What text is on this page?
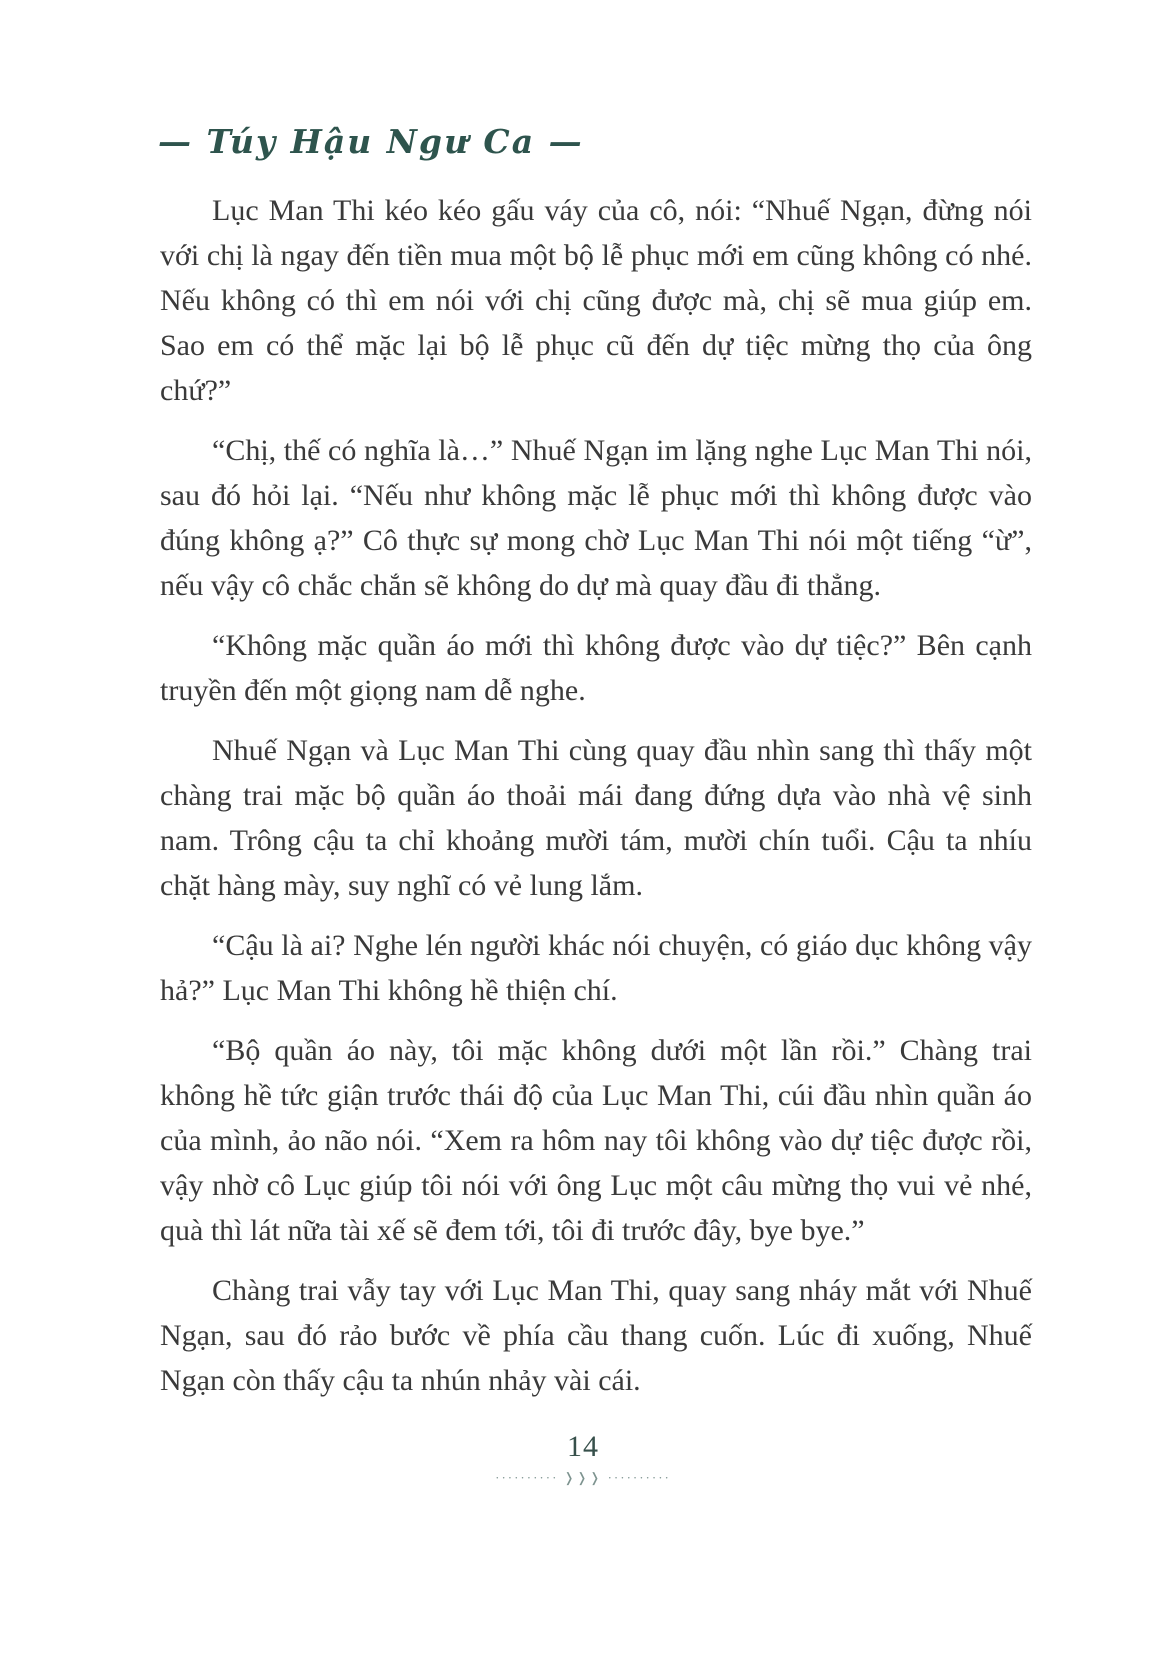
— Túy Hậu Ngư Ca —

Lục Man Thi kéo kéo gấu váy của cô, nói: “Nhuế Ngạn, đừng nói với chị là ngay đến tiền mua một bộ lễ phục mới em cũng không có nhé. Nếu không có thì em nói với chị cũng được mà, chị sẽ mua giúp em. Sao em có thể mặc lại bộ lễ phục cũ đến dự tiệc mừng thọ của ông chứ?”

“Chị, thế có nghĩa là…” Nhuế Ngạn im lặng nghe Lục Man Thi nói, sau đó hỏi lại. “Nếu như không mặc lễ phục mới thì không được vào đúng không ạ?” Cô thực sự mong chờ Lục Man Thi nói một tiếng “ừ”, nếu vậy cô chắc chắn sẽ không do dự mà quay đầu đi thẳng.

“Không mặc quần áo mới thì không được vào dự tiệc?” Bên cạnh truyền đến một giọng nam dễ nghe.

Nhuế Ngạn và Lục Man Thi cùng quay đầu nhìn sang thì thấy một chàng trai mặc bộ quần áo thoải mái đang đứng dựa vào nhà vệ sinh nam. Trông cậu ta chỉ khoảng mười tám, mười chín tuổi. Cậu ta nhíu chặt hàng mày, suy nghĩ có vẻ lung lắm.

“Cậu là ai? Nghe lén người khác nói chuyện, có giáo dục không vậy hả?” Lục Man Thi không hề thiện chí.

“Bộ quần áo này, tôi mặc không dưới một lần rồi.” Chàng trai không hề tức giận trước thái độ của Lục Man Thi, cúi đầu nhìn quần áo của mình, ảo não nói. “Xem ra hôm nay tôi không vào dự tiệc được rồi, vậy nhờ cô Lục giúp tôi nói với ông Lục một câu mừng thọ vui vẻ nhé, quà thì lát nữa tài xế sẽ đem tới, tôi đi trước đây, bye bye.”

Chàng trai vẫy tay với Lục Man Thi, quay sang nháy mắt với Nhuế Ngạn, sau đó rảo bước về phía cầu thang cuốn. Lúc đi xuống, Nhuế Ngạn còn thấy cậu ta nhún nhảy vài cái.

14
·········· ❭❭❭ ··········
